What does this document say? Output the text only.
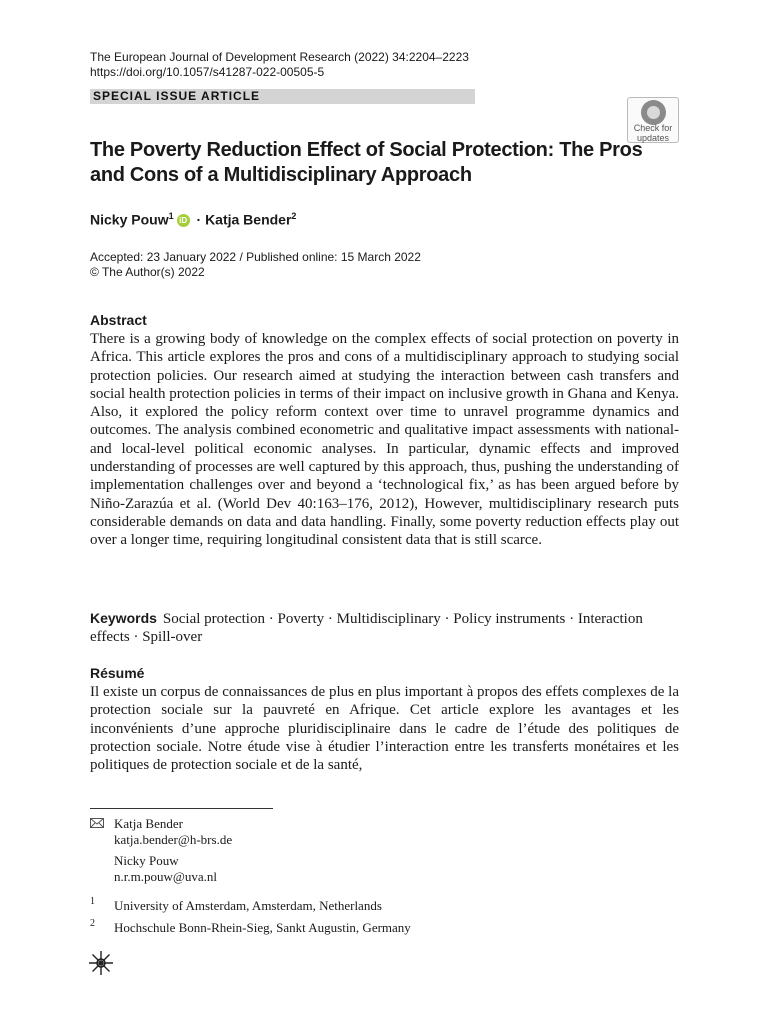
The European Journal of Development Research (2022) 34:2204–2223
https://doi.org/10.1057/s41287-022-00505-5
SPECIAL ISSUE ARTICLE
Check for
updates
The Poverty Reduction Effect of Social Protection: The Pros and Cons of a Multidisciplinary Approach
Nicky Pouw$^1$ iD · Katja Bender$^2$
Accepted: 23 January 2022 / Published online: 15 March 2022
© The Author(s) 2022
Abstract

There is a growing body of knowledge on the complex effects of social protection on poverty in Africa. This article explores the pros and cons of a multidisciplinary approach to studying social protection policies. Our research aimed at studying the interaction between cash transfers and social health protection policies in terms of their impact on inclusive growth in Ghana and Kenya. Also, it explored the policy reform context over time to unravel programme dynamics and outcomes. The analysis combined econometric and qualitative impact assessments with national- and local-level political economic analyses. In particular, dynamic effects and improved understanding of processes are well captured by this approach, thus, pushing the understanding of implementation challenges over and beyond a ‘technological fix,’ as has been argued before by Niño-Zarazúa et al. (World Dev 40:163–176, 2012), However, multidisciplinary research puts considerable demands on data and data handling. Finally, some poverty reduction effects play out over a longer time, requiring longitudinal consistent data that is still scarce.

Keywords Social protection · Poverty · Multidisciplinary · Policy instruments · Interaction effects · Spill-over

Résumé

Il existe un corpus de connaissances de plus en plus important à propos des effets complexes de la protection sociale sur la pauvreté en Afrique. Cet article explore les avantages et les inconvénients d’une approche pluridisciplinaire dans le cadre de l’étude des politiques de protection sociale. Notre étude vise à étudier l’interaction entre les transferts monétaires et les politiques de protection sociale et de la santé,

Katja Bender
katja.bender@h-brs.de
Nicky Pouw
n.r.m.pouw@uva.nl
1 University of Amsterdam, Amsterdam, Netherlands
2 Hochschule Bonn-Rhein-Sieg, Sankt Augustin, Germany
